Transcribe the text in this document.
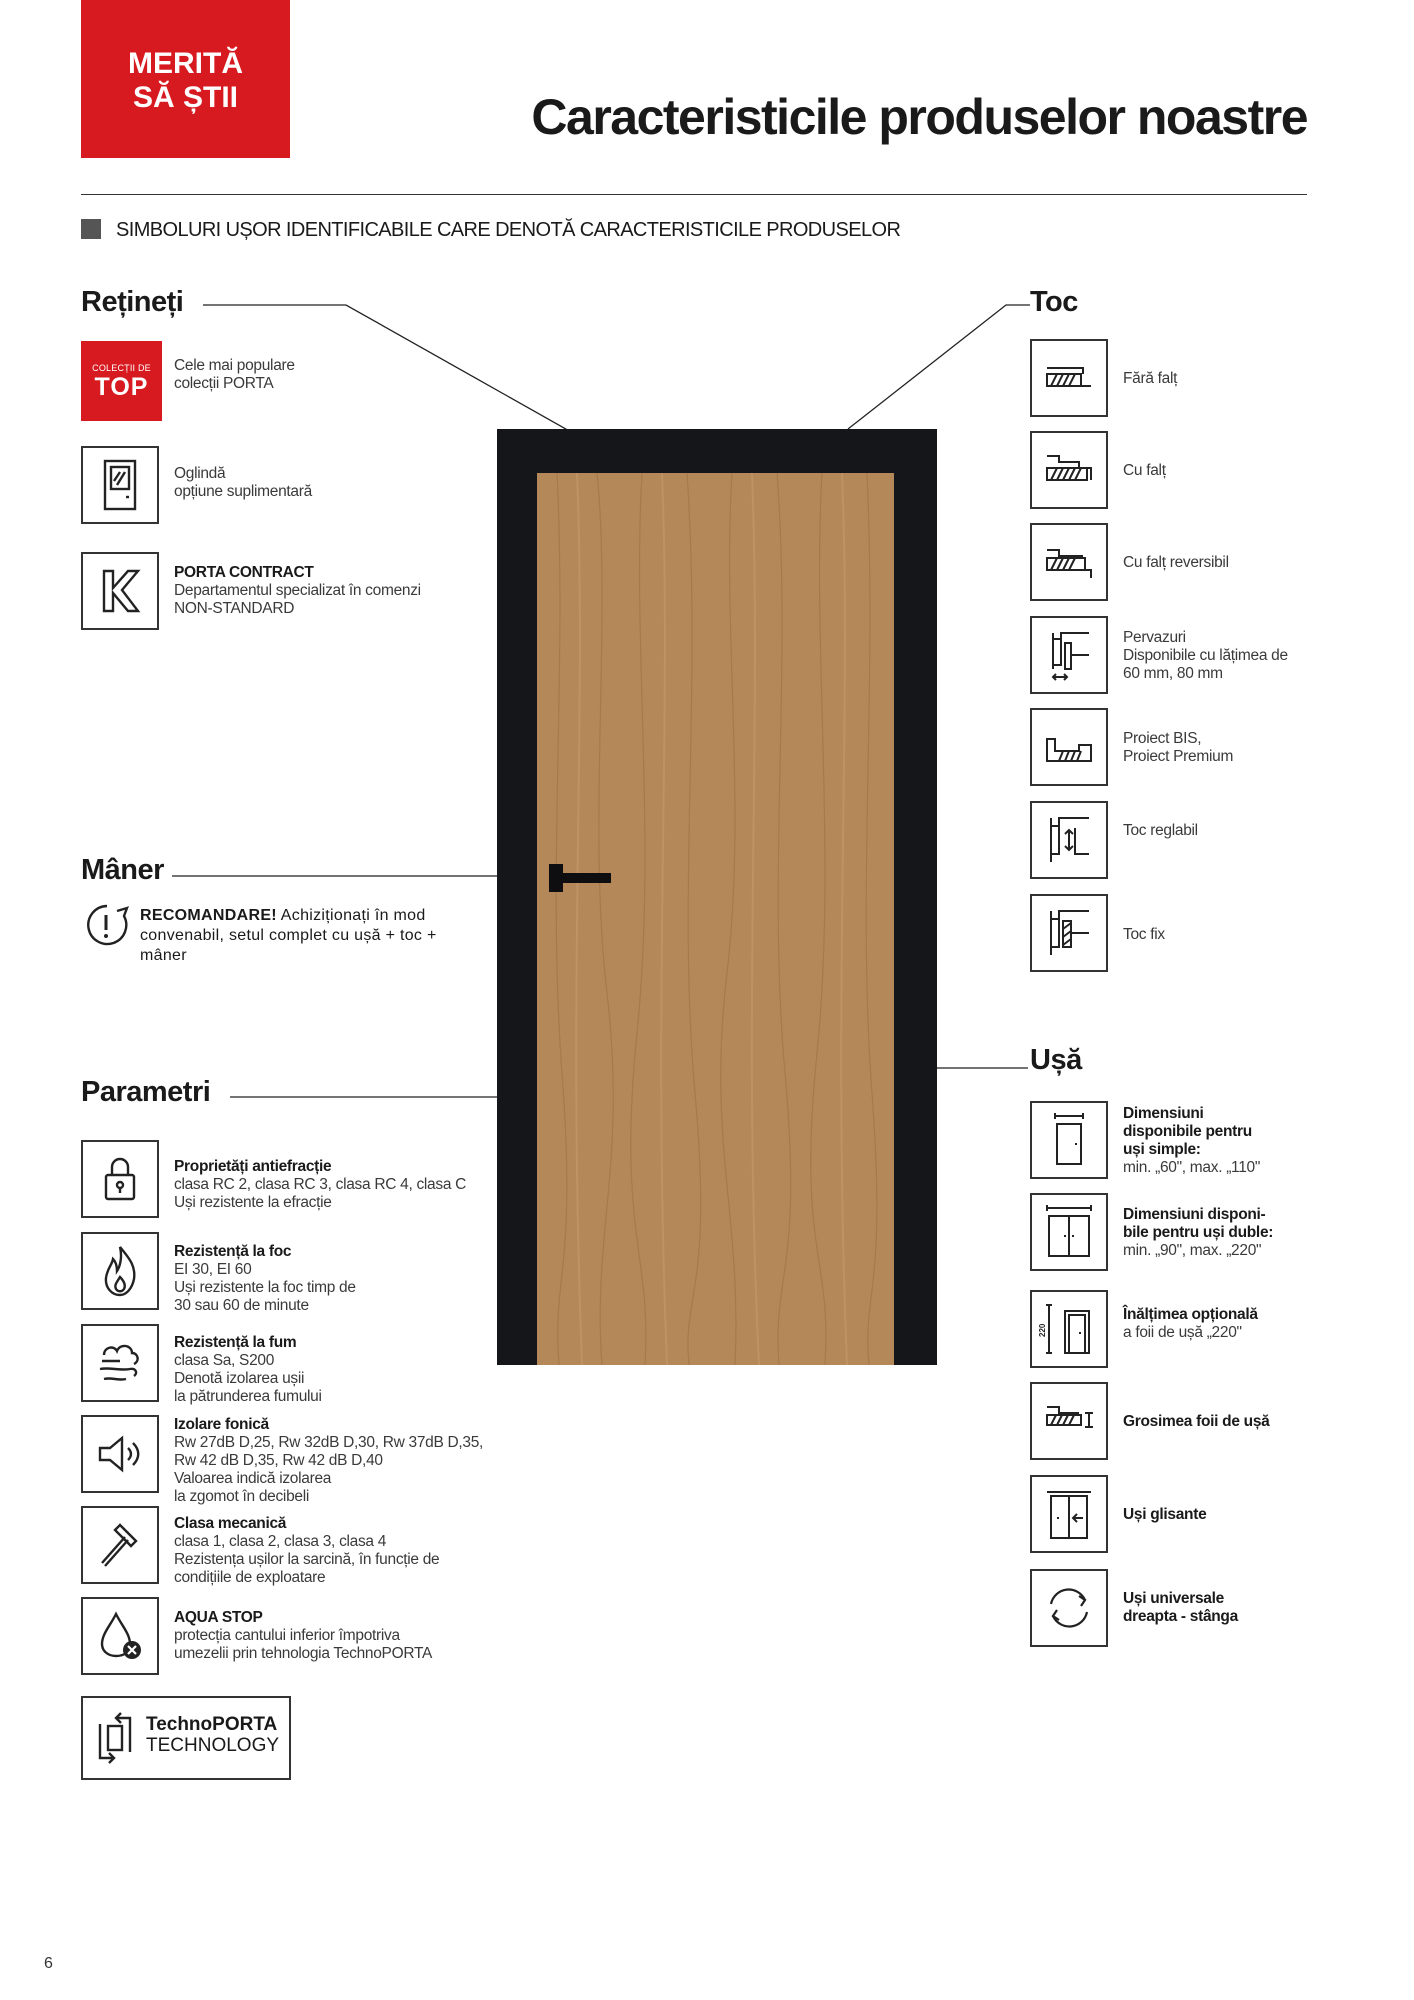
MERITĂ
SĂ ȘTII	Caracteristicile produselor noastre
SIMBOLURI UȘOR IDENTIFICABILE CARE DENOTĂ CARACTERISTICILE PRODUSELOR
Rețineți
COLECȚII DE
TOP
Cele mai populare
colecții PORTA
Oglindă
opțiune suplimentară
PORTA CONTRACT
Departamentul specializat în comenzi
NON-STANDARD
Mâner
RECOMANDARE! Achiziționați în mod convenabil, setul complet cu ușă + toc + mâner
Parametri
Proprietăți antiefracție
clasa RC 2, clasa RC 3, clasa RC 4, clasa C
Uși rezistente la efracție
Rezistență la foc
EI 30, EI 60
Uși rezistente la foc timp de
30 sau 60 de minute
Rezistență la fum
clasa Sa, S200
Denotă izolarea ușii
la pătrunderea fumului
Izolare fonică
Rw 27dB D,25, Rw 32dB D,30, Rw 37dB D,35,
Rw 42 dB D,35, Rw 42 dB D,40
Valoarea indică izolarea
la zgomot în decibeli
Clasa mecanică
clasa 1, clasa 2, clasa 3, clasa 4
Rezistența ușilor la sarcină, în funcție de
condițiile de exploatare
AQUA STOP
protecția cantului inferior împotriva
umezelii prin tehnologia TechnoPORTA
TechnoPORTA
TECHNOLOGY
Toc
Fără falț
Cu falț
Cu falț reversibil
Pervazuri
Disponibile cu lățimea de
60 mm, 80 mm
Proiect BIS,
Proiect Premium
Toc reglabil
Toc fix
Ușă
Dimensiuni
disponibile pentru
uși simple:
min. „60", max. „110"
Dimensiuni disponi-
bile pentru uși duble:
min. „90", max. „220"
220
Înălțimea opțională
a foii de ușă „220"
Grosimea foii de ușă
Uși glisante
Uși universale
dreapta - stânga
6
